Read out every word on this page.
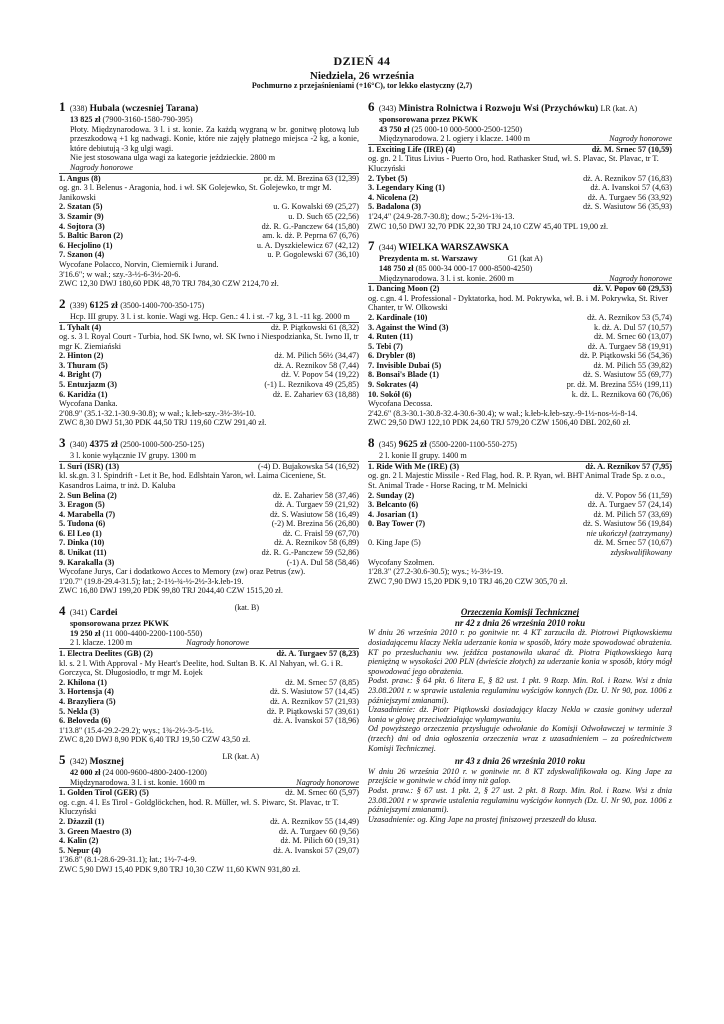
DZIEŃ 44
Niedziela, 26 września
Pochmurno z przejaśnieniami (+16°C), tor lekko elastyczny (2,7)
1 (338) Hubala (wczesniej Tarana)
13 825 zł (7900-3160-1580-790-395)
Płoty. Międzynarodowa. 3 l. i st. konie. Za każdą wygraną w br. gonitwę płotową lub przeszkodową +1 kg nadwagi. Konie, które nie zajęły płatnego miejsca -2 kg, a konie, które debiutują -3 kg ulgi wagi.
Nie jest stosowana ulga wagi za kategorie jeździeckie. 2800 m
Nagrody honorowe
1. Angus (8)	pr. dż. M. Brezina 63 (12,39)
og. gn. 3 l. Belenus - Aragonia, hod. i wł. SK Golejewko, St. Golejewko, tr mgr M. Janikowski
2. Szatan (5)	u. G. Kowalski 69 (25,27)
3. Szamir (9)	u. D. Such 65 (22,56)
4. Sojtora (3)	dż. R. G.-Panczew 64 (15,80)
5. Baltic Baron (2)	am. k. dż. P. Peprna 67 (6,76)
6. Hecjolino (1)	u. A. Dyszkielewicz 67 (42,12)
7. Szanon (4)	u. P. Gogolewski 67 (36,10)
Wycofane Polacco, Norvin, Ciemiernik i Jurand.
3'16.6"; w wał.; szy.-3-½-6-3½-20-6.
ZWC 12,30 DWJ 180,60 PDK 48,70 TRJ 784,30 CZW 2124,70 zł.
2 (339) 6125 zł (3500-1400-700-350-175)
Hcp. III grupy. 3 l. i st. konie. Wagi wg. Hcp. Gen.: 4 l. i st. -7 kg, 3 l. -11 kg. 2000 m
1. Tyhalt (4)	dż. P. Piątkowski 61 (8,32)
og. s. 3 l. Royal Court - Turbia, hod. SK Iwno, wł. SK Iwno i Niespodzianka, St. Iwno II, tr mgr K. Ziemiański
2. Hinton (2)	dż. M. Pilich 56½ (34,47)
3. Thuram (5)	dż. A. Reznikov 58 (7,44)
4. Bright (7)	dż. V. Popov 54 (19,22)
5. Entuzjazm (3)	(-1) L. Reznikova 49 (25,85)
6. Karidża (1)	dż. E. Zahariev 63 (18,88)
Wycofana Danka.
2'08.9" (35.1-32.1-30.9-30.8); w wał.; k.łeb-szy.-3½-3½-10.
ZWC 8,30 DWJ 51,30 PDK 44,50 TRJ 119,60 CZW 291,40 zł.
3 (340) 4375 zł (2500-1000-500-250-125)
3 l. konie wyłącznie IV grupy. 1300 m
1. Suri (ISR) (13)	(-4) D. Bujakowska 54 (16,92)
kl. sk.gn. 3 l. Spindrift - Let it Be, hod. Edlshtain Yaron, wł. Laima Ciceniene, St. Kasandros Laima, tr inż. D. Kaluba
2. Sun Belina (2)	dż. E. Zahariev 58 (37,46)
3. Eragon (5)	dż. A. Turgaev 59 (21,92)
4. Marabella (7)	dż. S. Wasiutow 58 (16,49)
5. Tudona (6)	(-2) M. Brezina 56 (26,80)
6. El Leo (1)	dż. C. Fraisl 59 (67,70)
7. Dinka (10)	dż. A. Reznikov 58 (6,89)
8. Unikat (11)	dż. R. G.-Panczew 59 (52,86)
9. Karakalla (3)	(-1) A. Dul 58 (58,46)
Wycofane Jurys, Car i dodatkowo Acces to Memory (zw) oraz Petrus (zw).
1'20.7" (19.8-29.4-31.5); łat.; 2-1½-¾-½-2½-3-k.łeb-19.
ZWC 16,80 DWJ 199,20 PDK 99,80 TRJ 2044,40 CZW 1515,20 zł.
4 (341) Cardei
(kat. B)
sponsorowana przez PKWK
19 250 zł (11 000-4400-2200-1100-550)
2 l. klacze. 1200 m	Nagrody honorowe
1. Electra Deelites (GB) (2)	dż. A. Turgaev 57 (8,23)
kl. s. 2 l. With Approval - My Heart's Deelite, hod. Sultan B. K. Al Nahyan, wł. G. i R. Gorczyca, St. Długosiodło, tr mgr M. Łojek
2. Khilona (1)	dż. M. Srnec 57 (8,85)
3. Hortensja (4)	dż. S. Wasiutow 57 (14,45)
4. Brazyliera (5)	dż. A. Reznikov 57 (21,93)
5. Nekla (3)	dż. P. Piątkowski 57 (39,61)
6. Beloveda (6)	dż. A. Ivanskoi 57 (18,96)
1'13.8" (15.4-29.2-29.2); wys.; 1¾-2½-3-5-1½.
ZWC 8,20 DWJ 8,90 PDK 6,40 TRJ 19,50 CZW 43,50 zł.
5 (342) Mosznej
LR (kat. A)
42 000 zł (24 000-9600-4800-2400-1200)
Międzynarodowa. 3 l. i st. konie. 1600 m	Nagrody honorowe
1. Golden Tirol (GER) (5)	dż. M. Srnec 60 (5,97)
og. c.gn. 4 l. Es Tirol - Goldglöckchen, hod. R. Müller, wł. S. Piwarc, St. Plavac, tr T. Kluczyński
2. Dżazzil (1)	dż. A. Reznikov 55 (14,49)
3. Green Maestro (3)	dż. A. Turgaev 60 (9,56)
4. Kalin (2)	dż. M. Pilich 60 (19,31)
5. Nepur (4)	dż. A. Ivanskoi 57 (29,07)
1'36.8" (8.1-28.6-29-31.1); łat.; 1½-7-4-9.
ZWC 5,90 DWJ 15,40 PDK 9,80 TRJ 10,30 CZW 11,60 KWN 931,80 zł.
6 (343) Ministra Rolnictwa i Rozwoju Wsi (Przychówku) LR (kat. A)
sponsorowana przez PKWK
43 750 zł (25 000-10 000-5000-2500-1250)
Międzynarodowa. 2 l. ogiery i klacze. 1400 m	Nagrody honorowe
1. Exciting Life (IRE) (4)	dż. M. Srnec 57 (10,59)
og. gn. 2 l. Titus Livius - Puerto Oro, hod. Rathasker Stud, wł. S. Plavac, St. Plavac, tr T. Kluczyński
2. Tybet (5)	dż. A. Reznikov 57 (16,83)
3. Legendary King (1)	dż. A. Ivanskoi 57 (4,63)
4. Nicolena (2)	dż. A. Turgaev 56 (33,92)
5. Badalona (3)	dż. S. Wasiutow 56 (35,93)
1'24,4" (24.9-28.7-30.8); dow.; 5-2½-1¾-13.
ZWC 10,50 DWJ 32,70 PDK 22,30 TRJ 24,10 CZW 45,40 TPL 19,00 zł.
7 (344) WIELKA WARSZAWSKA
Prezydenta m. st. Warszawy	G1 (kat A)
148 750 zł (85 000-34 000-17 000-8500-4250)
Międzynarodowa. 3 l. i st. konie. 2600 m	Nagrody honorowe
1. Dancing Moon (2)	dż. V. Popov 60 (29,53)
og. c.gn. 4 l. Professional - Dyktatorka, hod. M. Pokrywka, wł. B. i M. Pokrywka, St. River Chanter, tr W. Olkowski
2. Kardinale (10)	dż. A. Reznikov 53 (5,74)
3. Against the Wind (3)	k. dż. A. Dul 57 (10,57)
4. Ruten (11)	dż. M. Srnec 60 (13,07)
5. Tebi (7)	dż. A. Turgaev 58 (19,91)
6. Drybler (8)	dż. P. Piątkowski 56 (54,36)
7. Invisible Dubai (5)	dż. M. Pilich 55 (39,82)
8. Bonsai's Blade (1)	dż. S. Wasiutow 55 (69,77)
9. Sokrates (4)	pr. dż. M. Brezina 55½ (199,11)
10. Sokół (6)	k. dż. L. Reznikova 60 (76,06)
Wycofana Decossa.
2'42.6" (8.3-30.1-30.8-32.4-30.6-30.4); w wał.; k.łeb-k.łeb-szy.-9-1½-nos-½-8-14.
ZWC 29,50 DWJ 122,10 PDK 24,60 TRJ 579,20 CZW 1506,40 DBL 202,60 zł.
8 (345) 9625 zł (5500-2200-1100-550-275)
2 l. konie II grupy. 1400 m
1. Ride With Me (IRE) (3)	dż. A. Reznikov 57 (7,95)
og. gn. 2 l. Majestic Missile - Red Flag, hod. R. P. Ryan, wł. BHT Animal Trade Sp. z o.o., St. Animal Trade - Horse Racing, tr M. Melnicki
2. Sunday (2)	dż. V. Popov 56 (11,59)
3. Belcanto (6)	dż. A. Turgaev 57 (24,14)
4. Josarian (1)	dż. M. Pilich 57 (33,69)
0. Bay Tower (7)	dż. S. Wasiutow 56 (19,84)
nie ukończył (zatrzymany)
0. King Jape (5)	dż. M. Srnec 57 (10,67)
zdyskwalifikowany
Wycofany Szołmen.
1'28.3" (27.2-30.6-30.5); wys.; ½-3½-19.
ZWC 7,90 DWJ 15,20 PDK 9,10 TRJ 46,20 CZW 305,70 zł.
Orzeczenia Komisji Technicznej
nr 42 z dnia 26 września 2010 roku
W dniu 26 września 2010 r. po gonitwie nr. 4 KT zarzuciła dż. Piotrowi Piątkowskiemu dosiadającemu klaczy Nekla uderzanie konia w sposób, który może spowodować obrażenia. KT po przesłuchaniu ww. jeźdźca postanowiła ukarać dż. Piotra Piątkowskiego karą pieniężną w wysokości 200 PLN (dwieście złotych) za uderzanie konia w sposób, który mógł spowodować jego obrażenia.
Podst. praw.: § 64 pkt. 6 litera E, § 82 ust. 1 pkt. 9 Rozp. Min. Rol. i Rozw. Wsi z dnia 23.08.2001 r. w sprawie ustalenia regulaminu wyścigów konnych (Dz. U. Nr 90, poz. 1006 z późniejszymi zmianami).
Uzasadnienie: dż. Piotr Piątkowski dosiadający klaczy Nekla w czasie gonitwy uderzał konia w głowę przeciwdziałając wyłamywaniu.
Od powyższego orzeczenia przysługuje odwołanie do Komisji Odwoławczej w terminie 3 (trzech) dni od dnia ogłoszenia orzeczenia wraz z uzasadnieniem – za pośrednictwem Komisji Technicznej.
nr 43 z dnia 26 września 2010 roku
W dniu 26 września 2010 r. w gonitwie nr. 8 KT zdyskwalifikowała og. King Jape za przejście w gonitwie w chód inny niż galop.
Podst. praw.: § 67 ust. 1 pkt. 2, § 27 ust. 2 pkt. 8 Rozp. Min. Rol. i Rozw. Wsi z dnia 23.08.2001 r w sprawie ustalenia regulaminu wyścigów konnych (Dz. U. Nr 90, poz. 1006 z późniejszymi zmianami).
Uzasadnienie: og. King Jape na prostej finiszowej przeszedł do kłusa.
